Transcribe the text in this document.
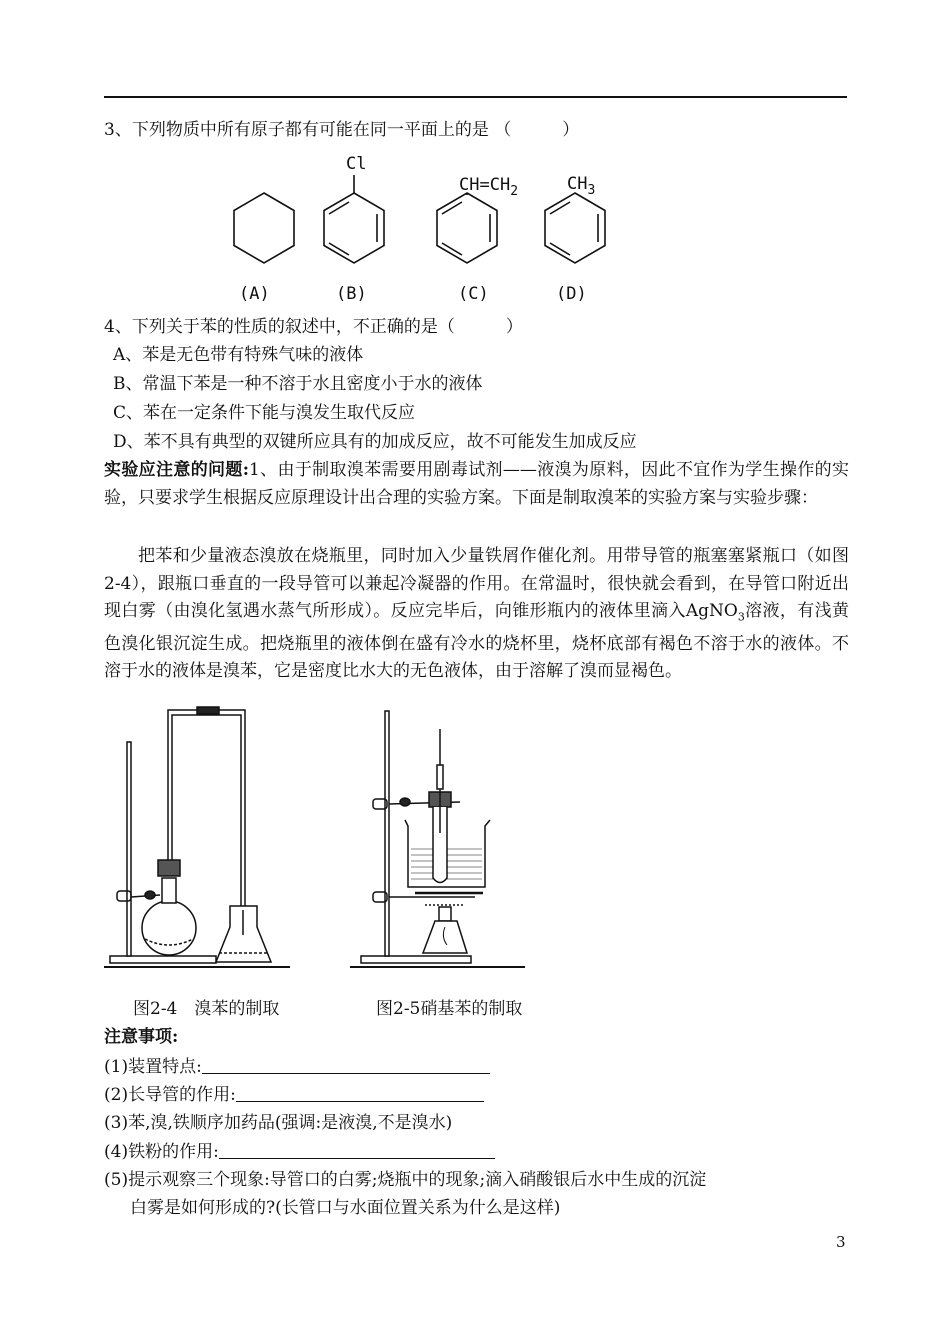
3、下列物质中所有原子都有可能在同一平面上的是 （　　　）
Cl
$CH=CH_2$	$CH_3$
(A)	(B)	(C)	(D)
4、下列关于苯的性质的叙述中，不正确的是（　　　）
A、苯是无色带有特殊气味的液体
B、常温下苯是一种不溶于水且密度小于水的液体
C、苯在一定条件下能与溴发生取代反应
D、苯不具有典型的双键所应具有的加成反应，故不可能发生加成反应
实验应注意的问题:1、由于制取溴苯需要用剧毒试剂——液溴为原料，因此不宜作为学生操作的实验，只要求学生根据反应原理设计出合理的实验方案。下面是制取溴苯的实验方案与实验步骤：
把苯和少量液态溴放在烧瓶里，同时加入少量铁屑作催化剂。用带导管的瓶塞塞紧瓶口（如图2-4），跟瓶口垂直的一段导管可以兼起冷凝器的作用。在常温时，很快就会看到，在导管口附近出现白雾（由溴化氢遇水蒸气所形成）。反应完毕后，向锥形瓶内的液体里滴入AgNO$_3$溶液，有浅黄色溴化银沉淀生成。把烧瓶里的液体倒在盛有冷水的烧杯里，烧杯底部有褐色不溶于水的液体。不溶于水的液体是溴苯，它是密度比水大的无色液体，由于溶解了溴而显褐色。
图2-4　溴苯的制取	图2-5硝基苯的制取
注意事项:
(1)装置特点:
(2)长导管的作用:
(3)苯,溴,铁顺序加药品(强调:是液溴,不是溴水)
(4)铁粉的作用:
(5)提示观察三个现象:导管口的白雾;烧瓶中的现象;滴入硝酸银后水中生成的沉淀
白雾是如何形成的?(长管口与水面位置关系为什么是这样)
3
